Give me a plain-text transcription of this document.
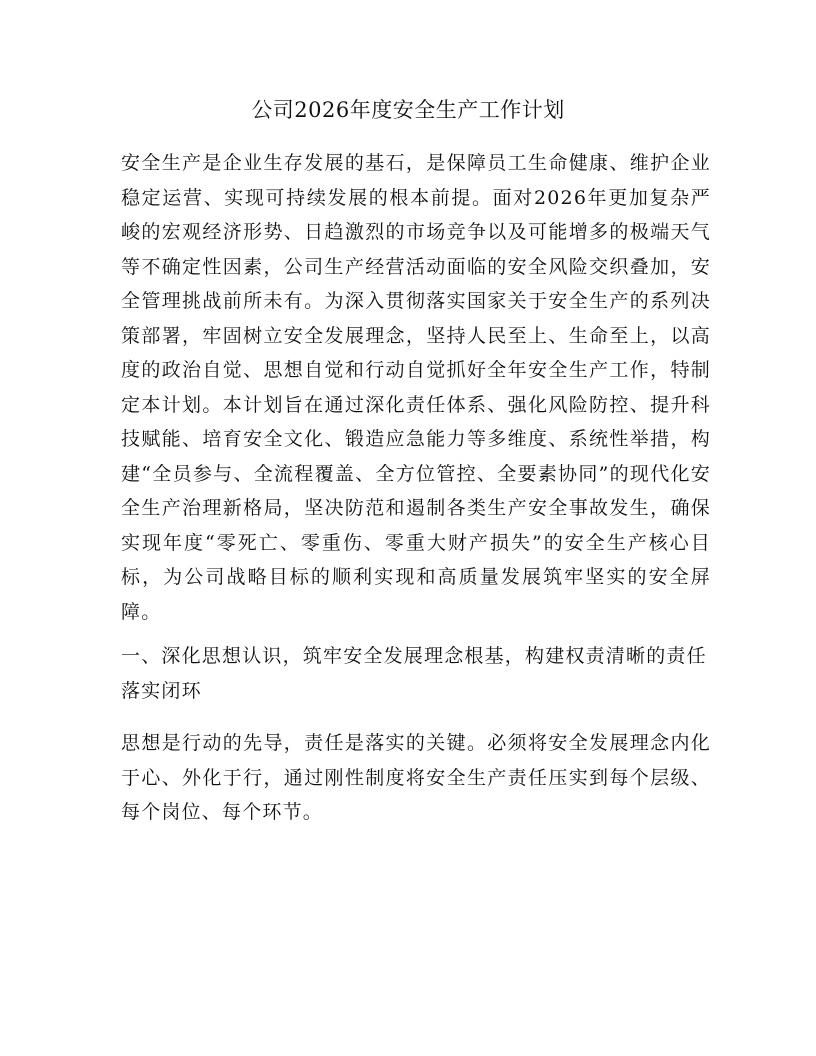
公司2026年度安全生产工作计划

安全生产是企业生存发展的基石，是保障员工生命健康、维护企业稳定运营、实现可持续发展的根本前提。面对2026年更加复杂严峻的宏观经济形势、日趋激烈的市场竞争以及可能增多的极端天气等不确定性因素，公司生产经营活动面临的安全风险交织叠加，安全管理挑战前所未有。为深入贯彻落实国家关于安全生产的系列决策部署，牢固树立安全发展理念，坚持人民至上、生命至上，以高度的政治自觉、思想自觉和行动自觉抓好全年安全生产工作，特制定本计划。本计划旨在通过深化责任体系、强化风险防控、提升科技赋能、培育安全文化、锻造应急能力等多维度、系统性举措，构建“全员参与、全流程覆盖、全方位管控、全要素协同”的现代化安全生产治理新格局，坚决防范和遏制各类生产安全事故发生，确保实现年度“零死亡、零重伤、零重大财产损失”的安全生产核心目标，为公司战略目标的顺利实现和高质量发展筑牢坚实的安全屏障。

一、深化思想认识，筑牢安全发展理念根基，构建权责清晰的责任落实闭环

思想是行动的先导，责任是落实的关键。必须将安全发展理念内化于心、外化于行，通过刚性制度将安全生产责任压实到每个层级、每个岗位、每个环节。
